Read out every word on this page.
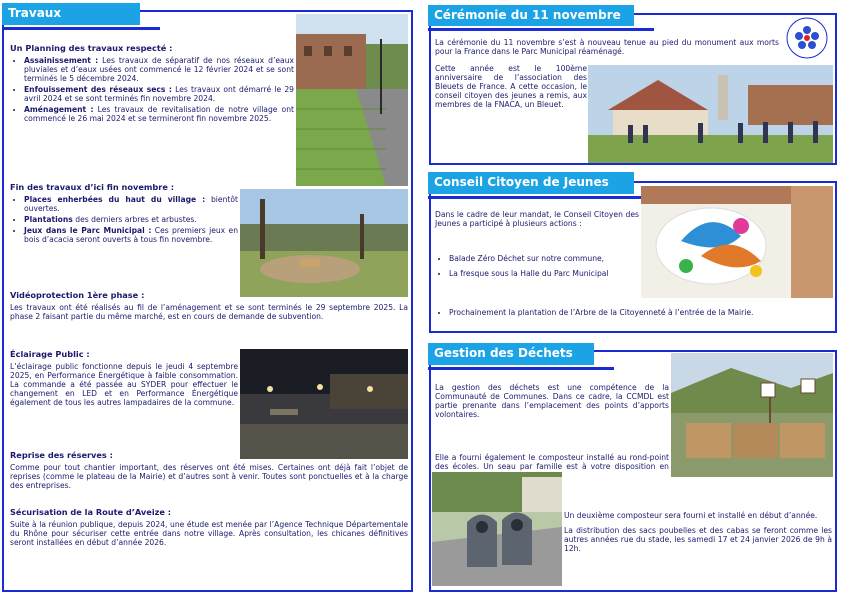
Travaux
Un Planning des travaux respecté :
• Assainissement : Les travaux de séparatif de nos réseaux d’eaux pluviales et d’eaux usées ont commencé le 12 février 2024 et se sont terminés le 5 décembre 2024.
• Enfouissement des réseaux secs : Les travaux ont démarré le 29 avril 2024 et se sont terminés fin novembre 2024.
• Aménagement : Les travaux de revitalisation de notre village ont commencé le 26 mai 2024 et se termineront fin novembre 2025.
Fin des travaux d’ici fin novembre :
• Places enherbées du haut du village : bientôt ouvertes.
• Plantations des derniers arbres et arbustes.
• Jeux dans le Parc Municipal : Ces premiers jeux en bois d’acacia seront ouverts à tous fin novembre.
Vidéoprotection 1ère phase :

Les travaux ont été réalisés au fil de l’aménagement et se sont terminés le 29 septembre 2025. La phase 2 faisant partie du même marché, est en cours de demande de subvention.

Éclairage Public :

L’éclairage public fonctionne depuis le jeudi 4 septembre 2025, en Performance Énergétique à faible consommation. La commande a été passée au SYDER pour effectuer le changement en LED et en Performance Énergétique également de tous les autres lampadaires de la commune.

Reprise des réserves :

Comme pour tout chantier important, des réserves ont été mises. Certaines ont déjà fait l’objet de reprises (comme le plateau de la Mairie) et d’autres sont à venir. Toutes sont ponctuelles et à la charge des entreprises.

Sécurisation de la Route d’Aveize :

Suite à la réunion publique, depuis 2024, une étude est menée par l’Agence Technique Départementale du Rhône pour sécuriser cette entrée dans notre village. Après consultation, les chicanes définitives seront installées en début d’année 2026.

Cérémonie du 11 novembre

La cérémonie du 11 novembre s’est à nouveau tenue au pied du monument aux morts pour la France dans le Parc Municipal réaménagé.

Cette année est le 100ème anniversaire de l’association des Bleuets de France. A cette occasion, le conseil citoyen des jeunes a remis, aux membres de la FNACA, un Bleuet.

Conseil Citoyen de Jeunes

Dans le cadre de leur mandat, le Conseil Citoyen des Jeunes a participé à plusieurs actions :

• Balade Zéro Déchet sur notre commune,
• La fresque sous la Halle du Parc Municipal
• Prochainement la plantation de l’Arbre de la Citoyenneté à l’entrée de la Mairie.
Gestion des Déchets

La gestion des déchets est une compétence de la Communauté de Communes. Dans ce cadre, la CCMDL est partie prenante dans l’emplacement des points d’apports volontaires.

Elle a fourni également le composteur installé au rond-point des écoles. Un seau par famille est à votre disposition en

Un deuxième composteur sera fourni et installé en début d’année.

La distribution des sacs poubelles et des cabas se feront comme les autres années rue du stade, les samedi 17 et 24 janvier 2026 de 9h à 12h.
